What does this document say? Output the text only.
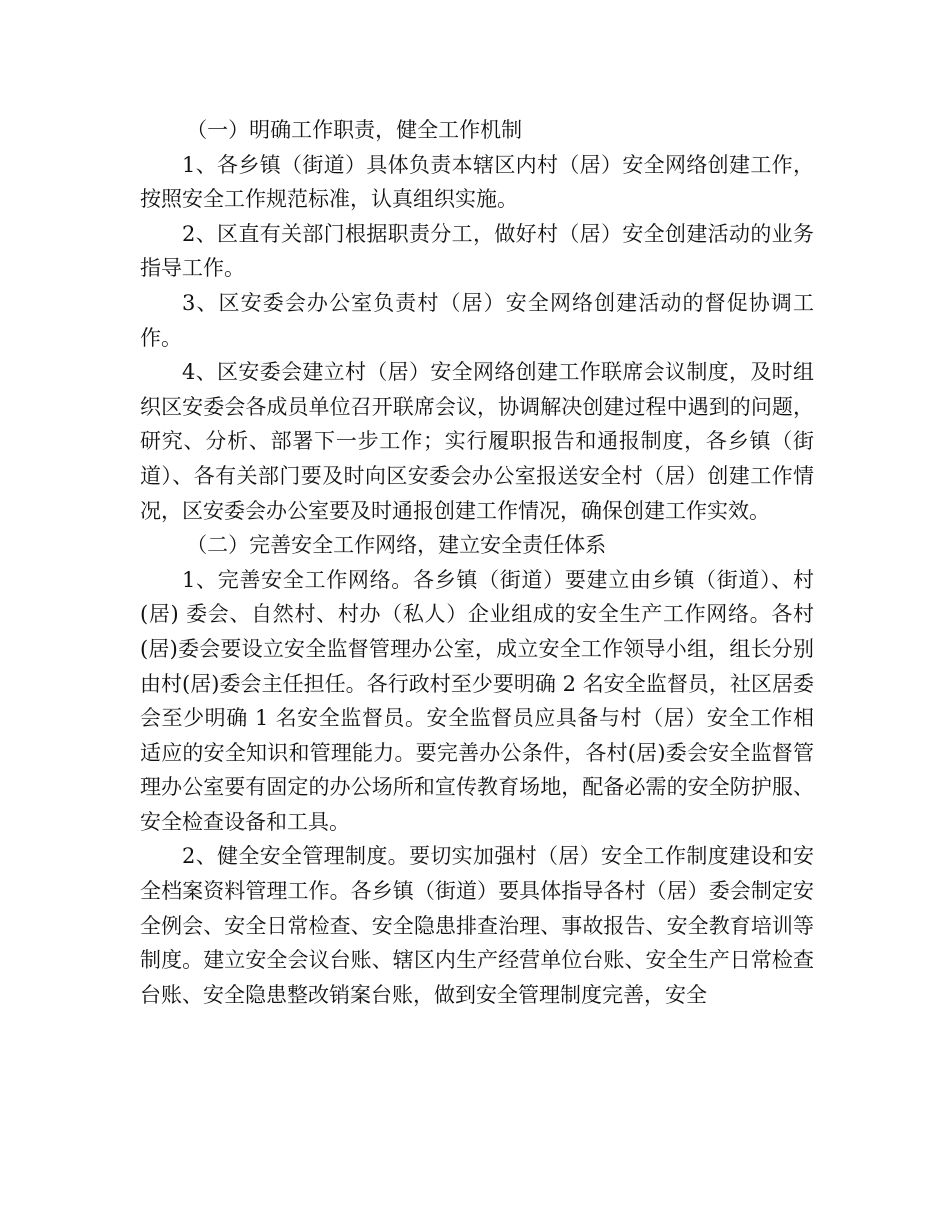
（一）明确工作职责，健全工作机制

1、各乡镇（街道）具体负责本辖区内村（居）安全网络创建工作，按照安全工作规范标准，认真组织实施。

2、区直有关部门根据职责分工，做好村（居）安全创建活动的业务指导工作。

3、区安委会办公室负责村（居）安全网络创建活动的督促协调工作。

4、区安委会建立村（居）安全网络创建工作联席会议制度，及时组织区安委会各成员单位召开联席会议，协调解决创建过程中遇到的问题，研究、分析、部署下一步工作；实行履职报告和通报制度，各乡镇（街道）、各有关部门要及时向区安委会办公室报送安全村（居）创建工作情况，区安委会办公室要及时通报创建工作情况，确保创建工作实效。

（二）完善安全工作网络，建立安全责任体系

1、完善安全工作网络。各乡镇（街道）要建立由乡镇（街道）、村(居) 委会、自然村、村办（私人）企业组成的安全生产工作网络。各村(居)委会要设立安全监督管理办公室，成立安全工作领导小组，组长分别由村(居)委会主任担任。各行政村至少要明确 2 名安全监督员，社区居委会至少明确 1 名安全监督员。安全监督员应具备与村（居）安全工作相适应的安全知识和管理能力。要完善办公条件，各村(居)委会安全监督管理办公室要有固定的办公场所和宣传教育场地，配备必需的安全防护服、安全检查设备和工具。

2、健全安全管理制度。要切实加强村（居）安全工作制度建设和安全档案资料管理工作。各乡镇（街道）要具体指导各村（居）委会制定安全例会、安全日常检查、安全隐患排查治理、事故报告、安全教育培训等制度。建立安全会议台账、辖区内生产经营单位台账、安全生产日常检查台账、安全隐患整改销案台账，做到安全管理制度完善，安全
